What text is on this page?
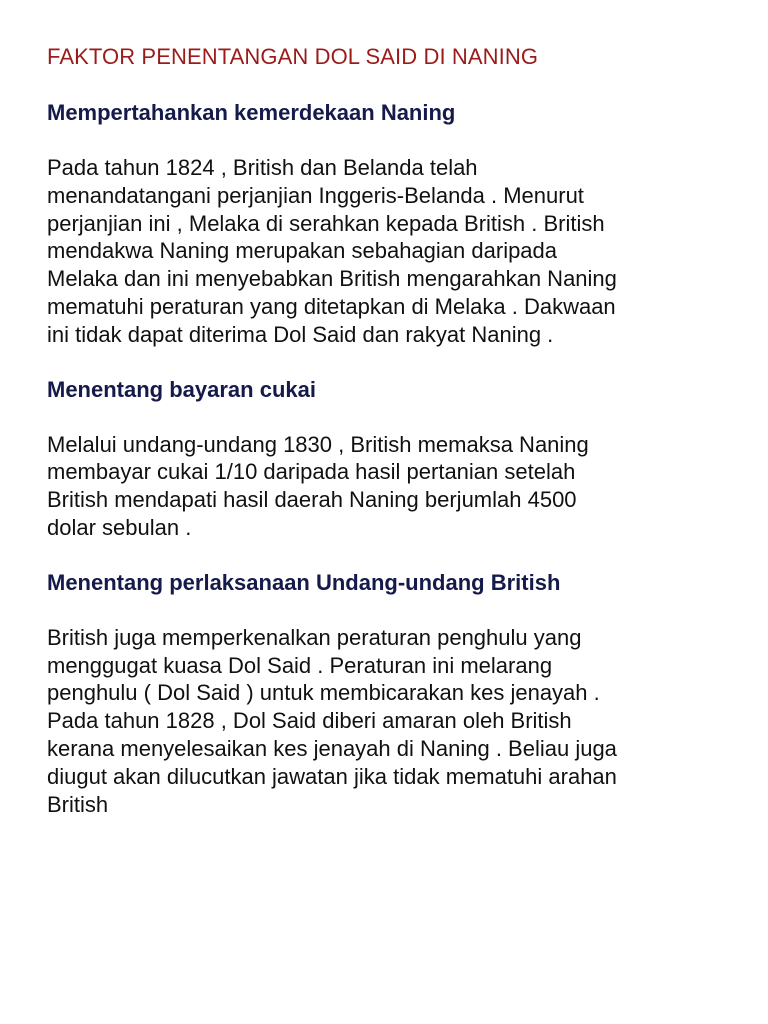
FAKTOR PENENTANGAN DOL SAID DI NANING
Mempertahankan kemerdekaan Naning

Pada tahun 1824 , British dan Belanda telah
menandatangani perjanjian Inggeris-Belanda . Menurut
perjanjian ini , Melaka di serahkan kepada British . British
mendakwa Naning merupakan sebahagian daripada
Melaka dan ini menyebabkan British mengarahkan Naning
mematuhi peraturan yang ditetapkan di Melaka . Dakwaan
ini tidak dapat diterima Dol Said dan rakyat Naning .

Menentang bayaran cukai

Melalui undang-undang 1830 , British memaksa Naning
membayar cukai 1/10 daripada hasil pertanian setelah
British mendapati hasil daerah Naning berjumlah 4500
dolar sebulan .

Menentang perlaksanaan Undang-undang British

British juga memperkenalkan peraturan penghulu yang
menggugat kuasa Dol Said . Peraturan ini melarang
penghulu ( Dol Said ) untuk membicarakan kes jenayah .
Pada tahun 1828 , Dol Said diberi amaran oleh British
kerana menyelesaikan kes jenayah di Naning . Beliau juga
diugut akan dilucutkan jawatan jika tidak mematuhi arahan
British
